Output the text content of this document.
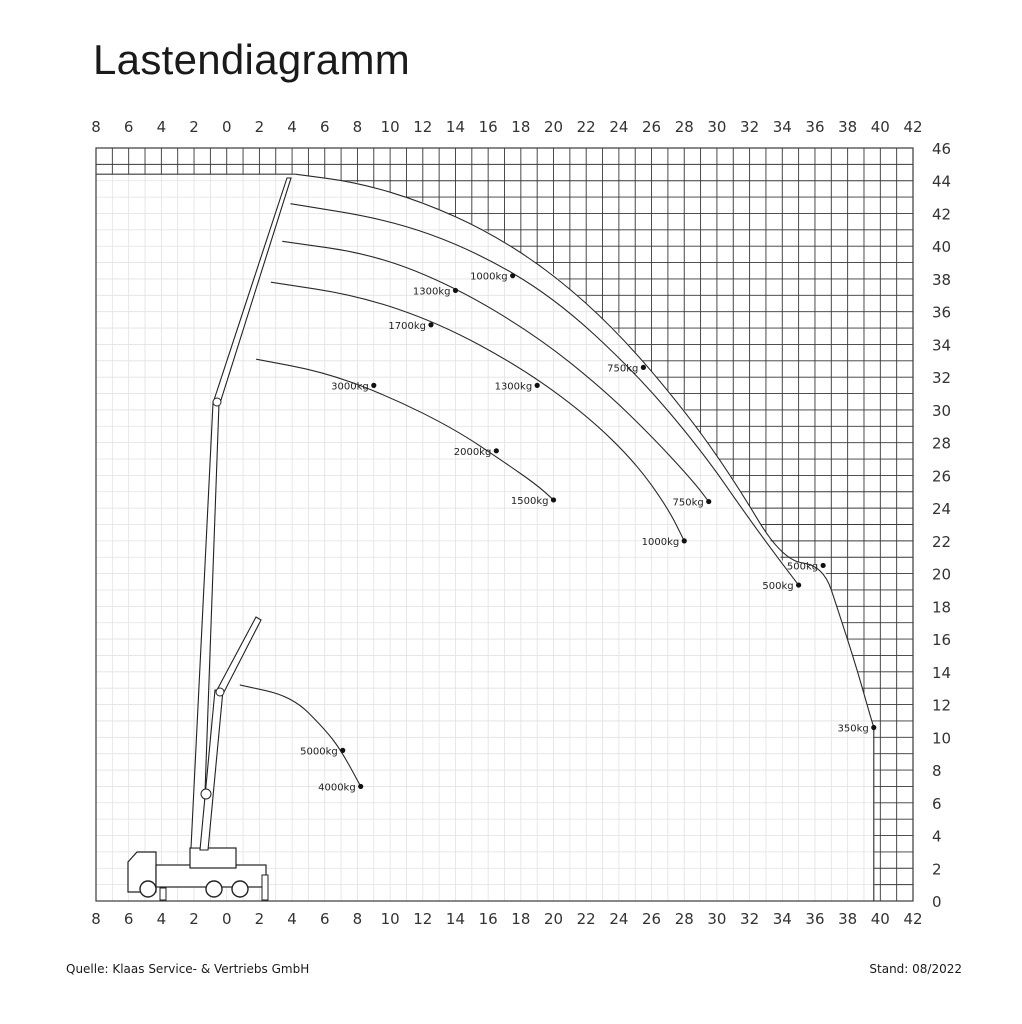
Lastendiagramm
5000kg
4000kg
3000kg
2000kg
1500kg
1700kg
1300kg
1000kg
1300kg
750kg
1000kg
500kg
750kg
500kg
350kg
8 6 4 2 0 2 4 6 8 10 12 14 16 18 20 22 24 26 28 30 32 34 36 38 40 42
8 6 4 2 0 2 4 6 8 10 12 14 16 18 20 22 24 26 28 30 32 34 36 38 40 42
0
2
4
6
8
10
12
14
16
18
20
22
24
26
28
30
32
34
36
38
40
42
44
46
Quelle: Klaas Service- & Vertriebs GmbH	Stand: 08/2022
